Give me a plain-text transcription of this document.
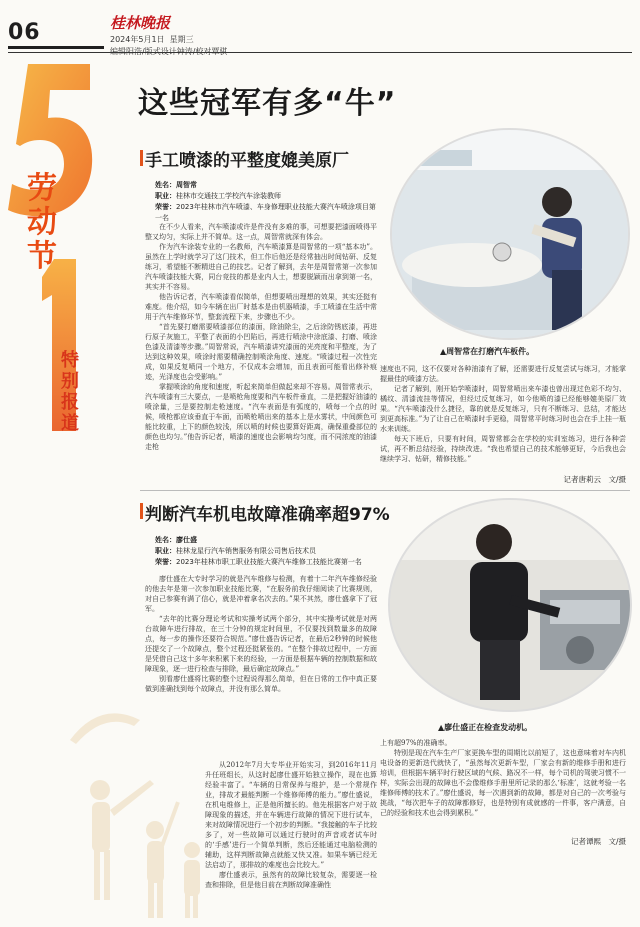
06	桂林晚报
2024年5月1日 星期三

劳动节
特别报道
这些冠军有多“牛”
手工喷漆的平整度媲美原厂
姓名：周智常
职业：桂林市交通技工学校汽车涂装教师
荣誉：2023年桂林市汽车喷漆、车身修理职业技能大赛汽车喷涂项目第一名

在不少人看来，汽车喷漆或许是件没有多难的事，可想要把漆面喷得平整又均匀，实际上并不简单。这一点，周智常就深有体会。

作为汽车涂装专业的一名教师，汽车喷漆算是周智常的一项“基本功”。虽然在上学时就学习了这门技术，但工作后他还是经常抽出时间钻研、反复练习，希望能不断精进自己的技艺。记者了解到，去年是周智常第一次参加汽车喷漆技能大赛，同台竞技的都是业内人士，想要脱颖而出拿到第一名，其实并不容易。

他告诉记者，汽车喷漆看似简单，但想要喷出理想的效果，其实还挺有难度。他介绍，如今车辆在出厂时基本是由机器喷漆，手工喷漆在生活中常用于汽车维修环节，整套流程下来，步骤也不少。

“首先要打磨需要喷漆部位的漆面，除油除尘，之后涂防锈底漆，再进行原子灰施工，平整了表面的小凹陷后，再进行喷涂中涂底漆、打磨、喷涂色漆及清漆等步骤。”周智常说，汽车喷漆讲究漆面的光亮度和平整度，为了达到这种效果，喷涂时需要精确控制喷涂角度、速度。“喷漆过程一次性完成，如果反复喷同一个地方，不仅成本会增加，而且表面可能看出修补痕迹，光泽度也会受影响。”

掌握喷涂的角度和速度，听起来简单但做起来却不容易。周智常表示，汽车喷漆有三大要点，一是喷枪角度要和汽车板件垂直，二是把握好油漆的喷涂量，三是要控制走枪速度。“汽车表面是有弧度的，喷每一个点的时候，喷枪都应该垂直于车面，而喷枪喷出来的基本上是水雾状，中间颜色可能比较重，上下的颜色较浅，所以喷的时候也要算好距离，确保重叠部位的颜色也均匀。”他告诉记者，喷漆的速度也会影响均匀度，而不同浓度的油漆走枪

▲周智常在打磨汽车板件。

速度也不同，这不仅要对各种油漆有了解，还需要进行反复尝试与练习，才能掌握最佳的喷漆方法。

记者了解到，刚开始学喷漆时，周智常喷出来车漆也曾出现过色彩不均匀、橘纹、清漆流挂等情况，但经过反复练习，如今他喷的漆已经能够媲美原厂效果。“汽车喷漆没什么捷径，靠的就是反复练习，只有不断练习、总结，才能达到更高标准。”为了让自己在喷漆时手更稳，周智常平时练习时也会在手上挂一瓶水来训练。

每天下班后，只要有时间，周智常都会在学校的实训室练习，进行各种尝试，再不断总结经验，持续改进。“我也希望自己的技术能够更好，今后我也会继续学习、钻研，精修技能。”

记者唐莉云　文/摄
判断汽车机电故障准确率超97%
姓名：廖仕盛
职业：桂林龙星行汽车销售服务有限公司售后技术员
荣誉：2023年桂林市职工职业技能大赛汽车维修工技能比赛第一名

廖仕盛在大专时学习的就是汽车维修与检测，有着十二年汽车维修经验的他去年是第一次参加职业技能比赛，“在服务前我仔细阅读了比赛规则，对自己参赛有满了信心，就是冲着拿名次去的。”果不其然，廖仕盛拿下了冠军。

“去年的比赛分理论考试和实操考试两个部分，其中实操考试就是对两台故障车进行排故，在三十分钟的规定时间里，不仅要找到数量多的故障点，每一步的操作还要符合规范。”廖仕盛告诉记者，在最后2秒钟的时候他还提交了一个故障点，整个过程还挺紧张的。“在整个排故过程中，一方面是凭借自己这十多年来积累下来的经验，一方面是根据车辆的控制数据和故障现象，逐一进行检查与排除，最后确定故障点。”

别看廖仕盛将比赛的整个过程说得那么简单，但在日常的工作中真正要做到准确找到每个故障点，并没有那么简单。

从2012年7月大专毕业开始实习，到2016年11月升任班组长，从这时起廖仕盛开始独立操作，现在也算经验丰富了。“车辆的日常保养与维护，是一个常规作业，排故才最能判断一个维修师傅的能力。”廖仕盛说，在机电维修上，正是他所擅长的。他先根据客户对于故障现象的描述，并在车辆进行故障的情况下进行试车，来对故障情况进行一个初步的判断。“我接触的车子比较多了，对一些故障可以通过行驶时的声音或者试车时的‘手感’进行一个简单判断，然后还能通过电脑检测的辅助，这样判断故障点就能又快又准。如果车辆已经无法启动了，那排故的难度也会比较大。”

廖仕盛表示，虽然有的故障比较复杂，需要逐一检查和排除，但是他目前在判断故障准确性

▲廖仕盛正在检查发动机。

上有超97%的准确率。

特别是现在汽车生产厂家更换车型的周期比以前短了，这也意味着对车内机电设备的更新迭代就快了，“虽然每次更新车型，厂家会有新的维修手册和进行培训，但根据车辆平时行驶区域的气候、路况不一样，每个司机的驾驶习惯不一样，实际会出现的故障也不会像维修手册里所记录的那么‘标准’，这就考验一名维修师傅的技术了。”廖仕盛说，每一次遇到新的故障，都是对自己的一次考验与挑战，“每次把车子的故障都修好，也是特别有成就感的一件事，客户满意，自己的经验和技术也会得到累积。”

记者谭熙　文/摄
